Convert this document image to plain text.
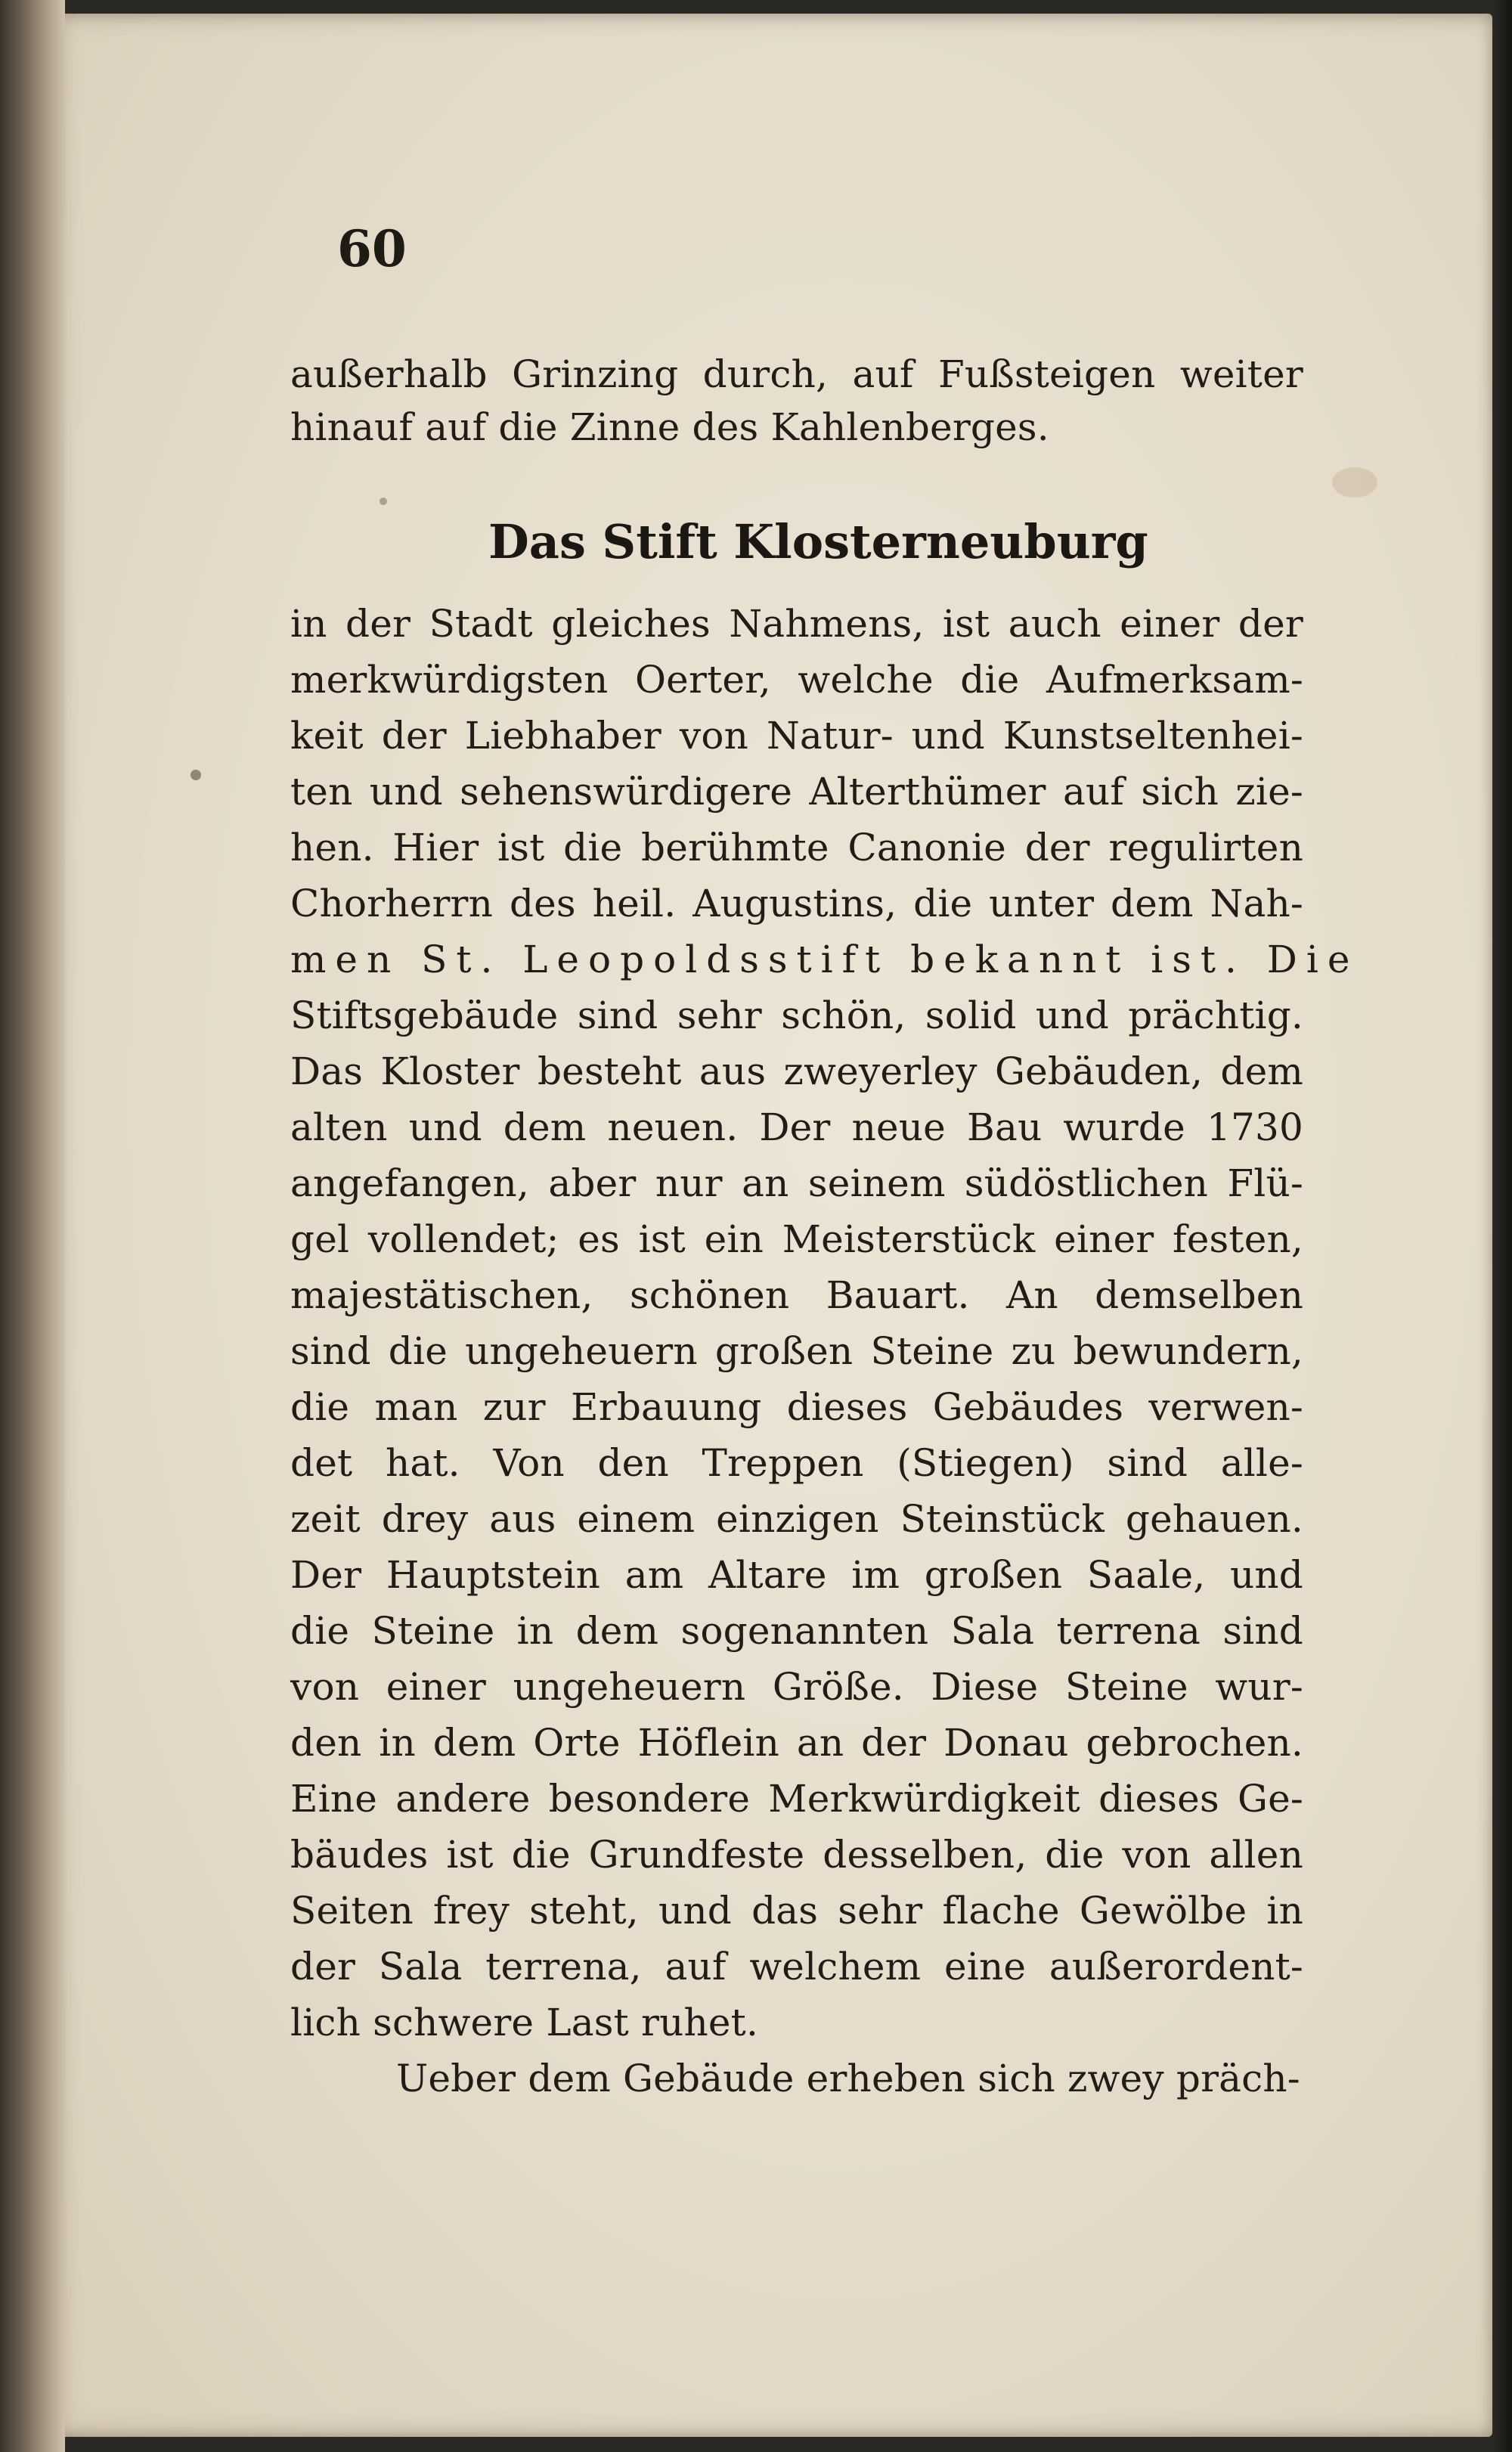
60
außerhalb Grinzing durch, auf Fußsteigen weiter
hinauf auf die Zinne des Kahlenberges.
Das Stift Klosterneuburg
in der Stadt gleiches Nahmens, ist auch einer der
merkwürdigsten Oerter, welche die Aufmerksam-
keit der Liebhaber von Natur- und Kunstseltenhei-
ten und sehenswürdigere Alterthümer auf sich zie-
hen. Hier ist die berühmte Canonie der regulirten
Chorherrn des heil. Augustins, die unter dem Nah-
men St. Leopoldsstift bekannt ist. Die
Stiftsgebäude sind sehr schön, solid und prächtig.
Das Kloster besteht aus zweyerley Gebäuden, dem
alten und dem neuen. Der neue Bau wurde 1730
angefangen, aber nur an seinem südöstlichen Flü-
gel vollendet; es ist ein Meisterstück einer festen,
majestätischen, schönen Bauart. An demselben
sind die ungeheuern großen Steine zu bewundern,
die man zur Erbauung dieses Gebäudes verwen-
det hat. Von den Treppen (Stiegen) sind alle-
zeit drey aus einem einzigen Steinstück gehauen.
Der Hauptstein am Altare im großen Saale, und
die Steine in dem sogenannten Sala terrena sind
von einer ungeheuern Größe. Diese Steine wur-
den in dem Orte Höflein an der Donau gebrochen.
Eine andere besondere Merkwürdigkeit dieses Ge-
bäudes ist die Grundfeste desselben, die von allen
Seiten frey steht, und das sehr flache Gewölbe in
der Sala terrena, auf welchem eine außerordent-
lich schwere Last ruhet.
Ueber dem Gebäude erheben sich zwey präch-
